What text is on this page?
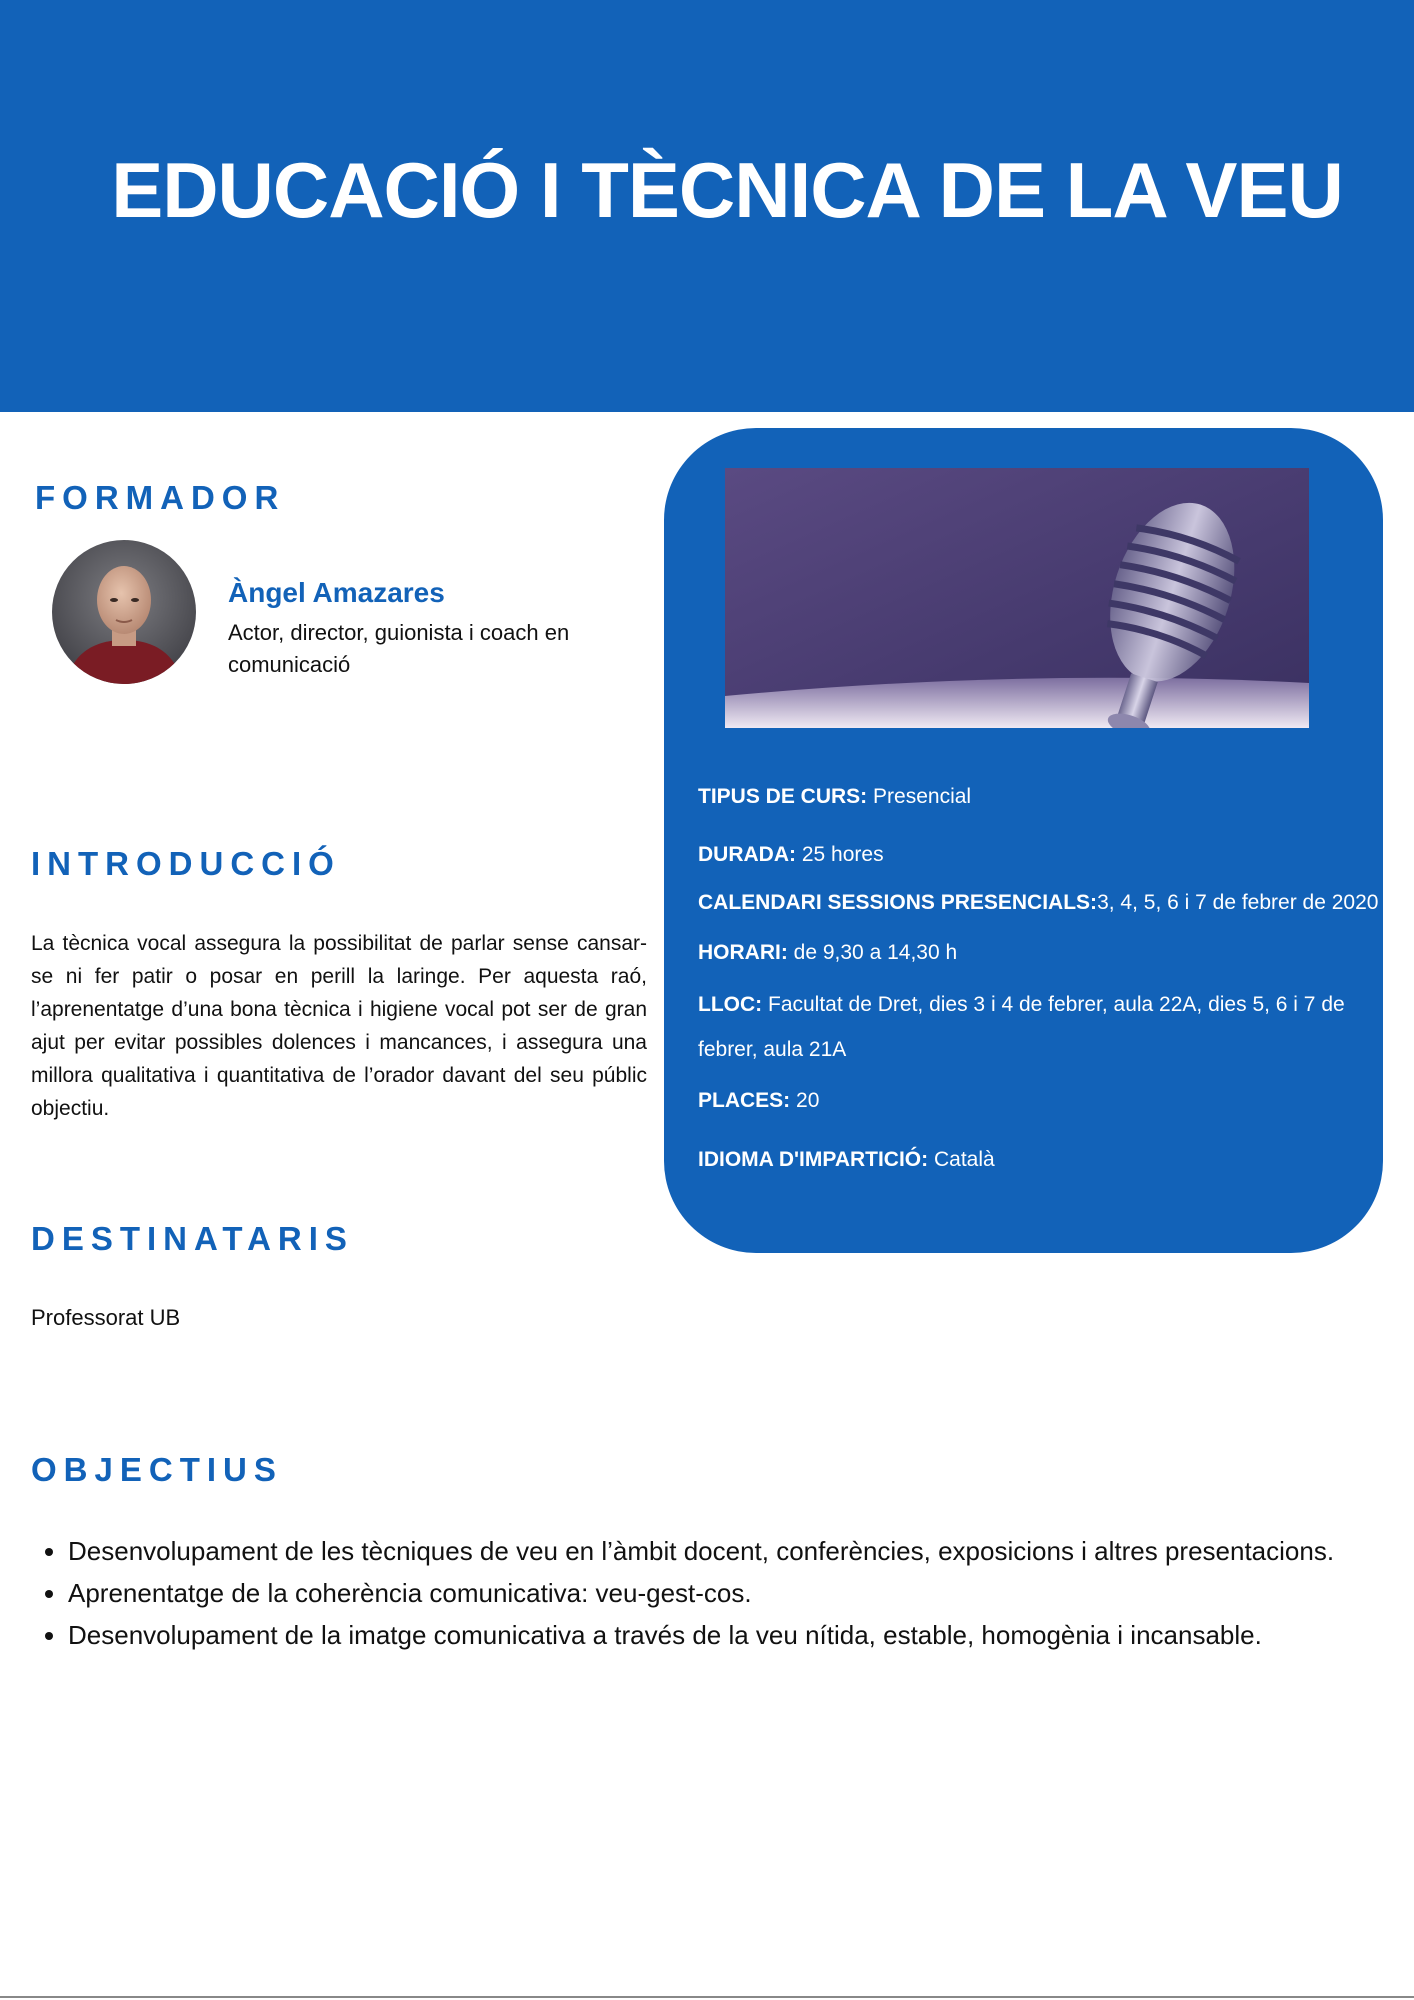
EDUCACIÓ I TÈCNICA DE LA VEU
FORMADOR
Àngel Amazares
Actor, director, guionista i coach en comunicació
INTRODUCCIÓ

La tècnica vocal assegura la possibilitat de parlar sense cansar-se ni fer patir o posar en perill la laringe. Per aquesta raó, l’aprenentatge d’una bona tècnica i higiene vocal pot ser de gran ajut per evitar possibles dolences i mancances, i assegura una millora qualitativa i quantitativa de l’orador davant del seu públic objectiu.

DESTINATARIS
Professorat UB
OBJECTIUS
• Desenvolupament de les tècniques de veu en l’àmbit docent, conferències, exposicions i altres presentacions.
• Aprenentatge de la coherència comunicativa: veu-gest-cos.
• Desenvolupament de la imatge comunicativa a través de la veu nítida, estable, homogènia i incansable.
TIPUS DE CURS: Presencial
DURADA: 25 hores
CALENDARI SESSIONS PRESENCIALS:3, 4, 5, 6 i 7 de febrer de 2020
HORARI: de 9,30 a 14,30 h
LLOC: Facultat de Dret, dies 3 i 4 de febrer, aula 22A, dies 5, 6 i 7 de febrer, aula 21A
PLACES: 20
IDIOMA D'IMPARTICIÓ: Català
